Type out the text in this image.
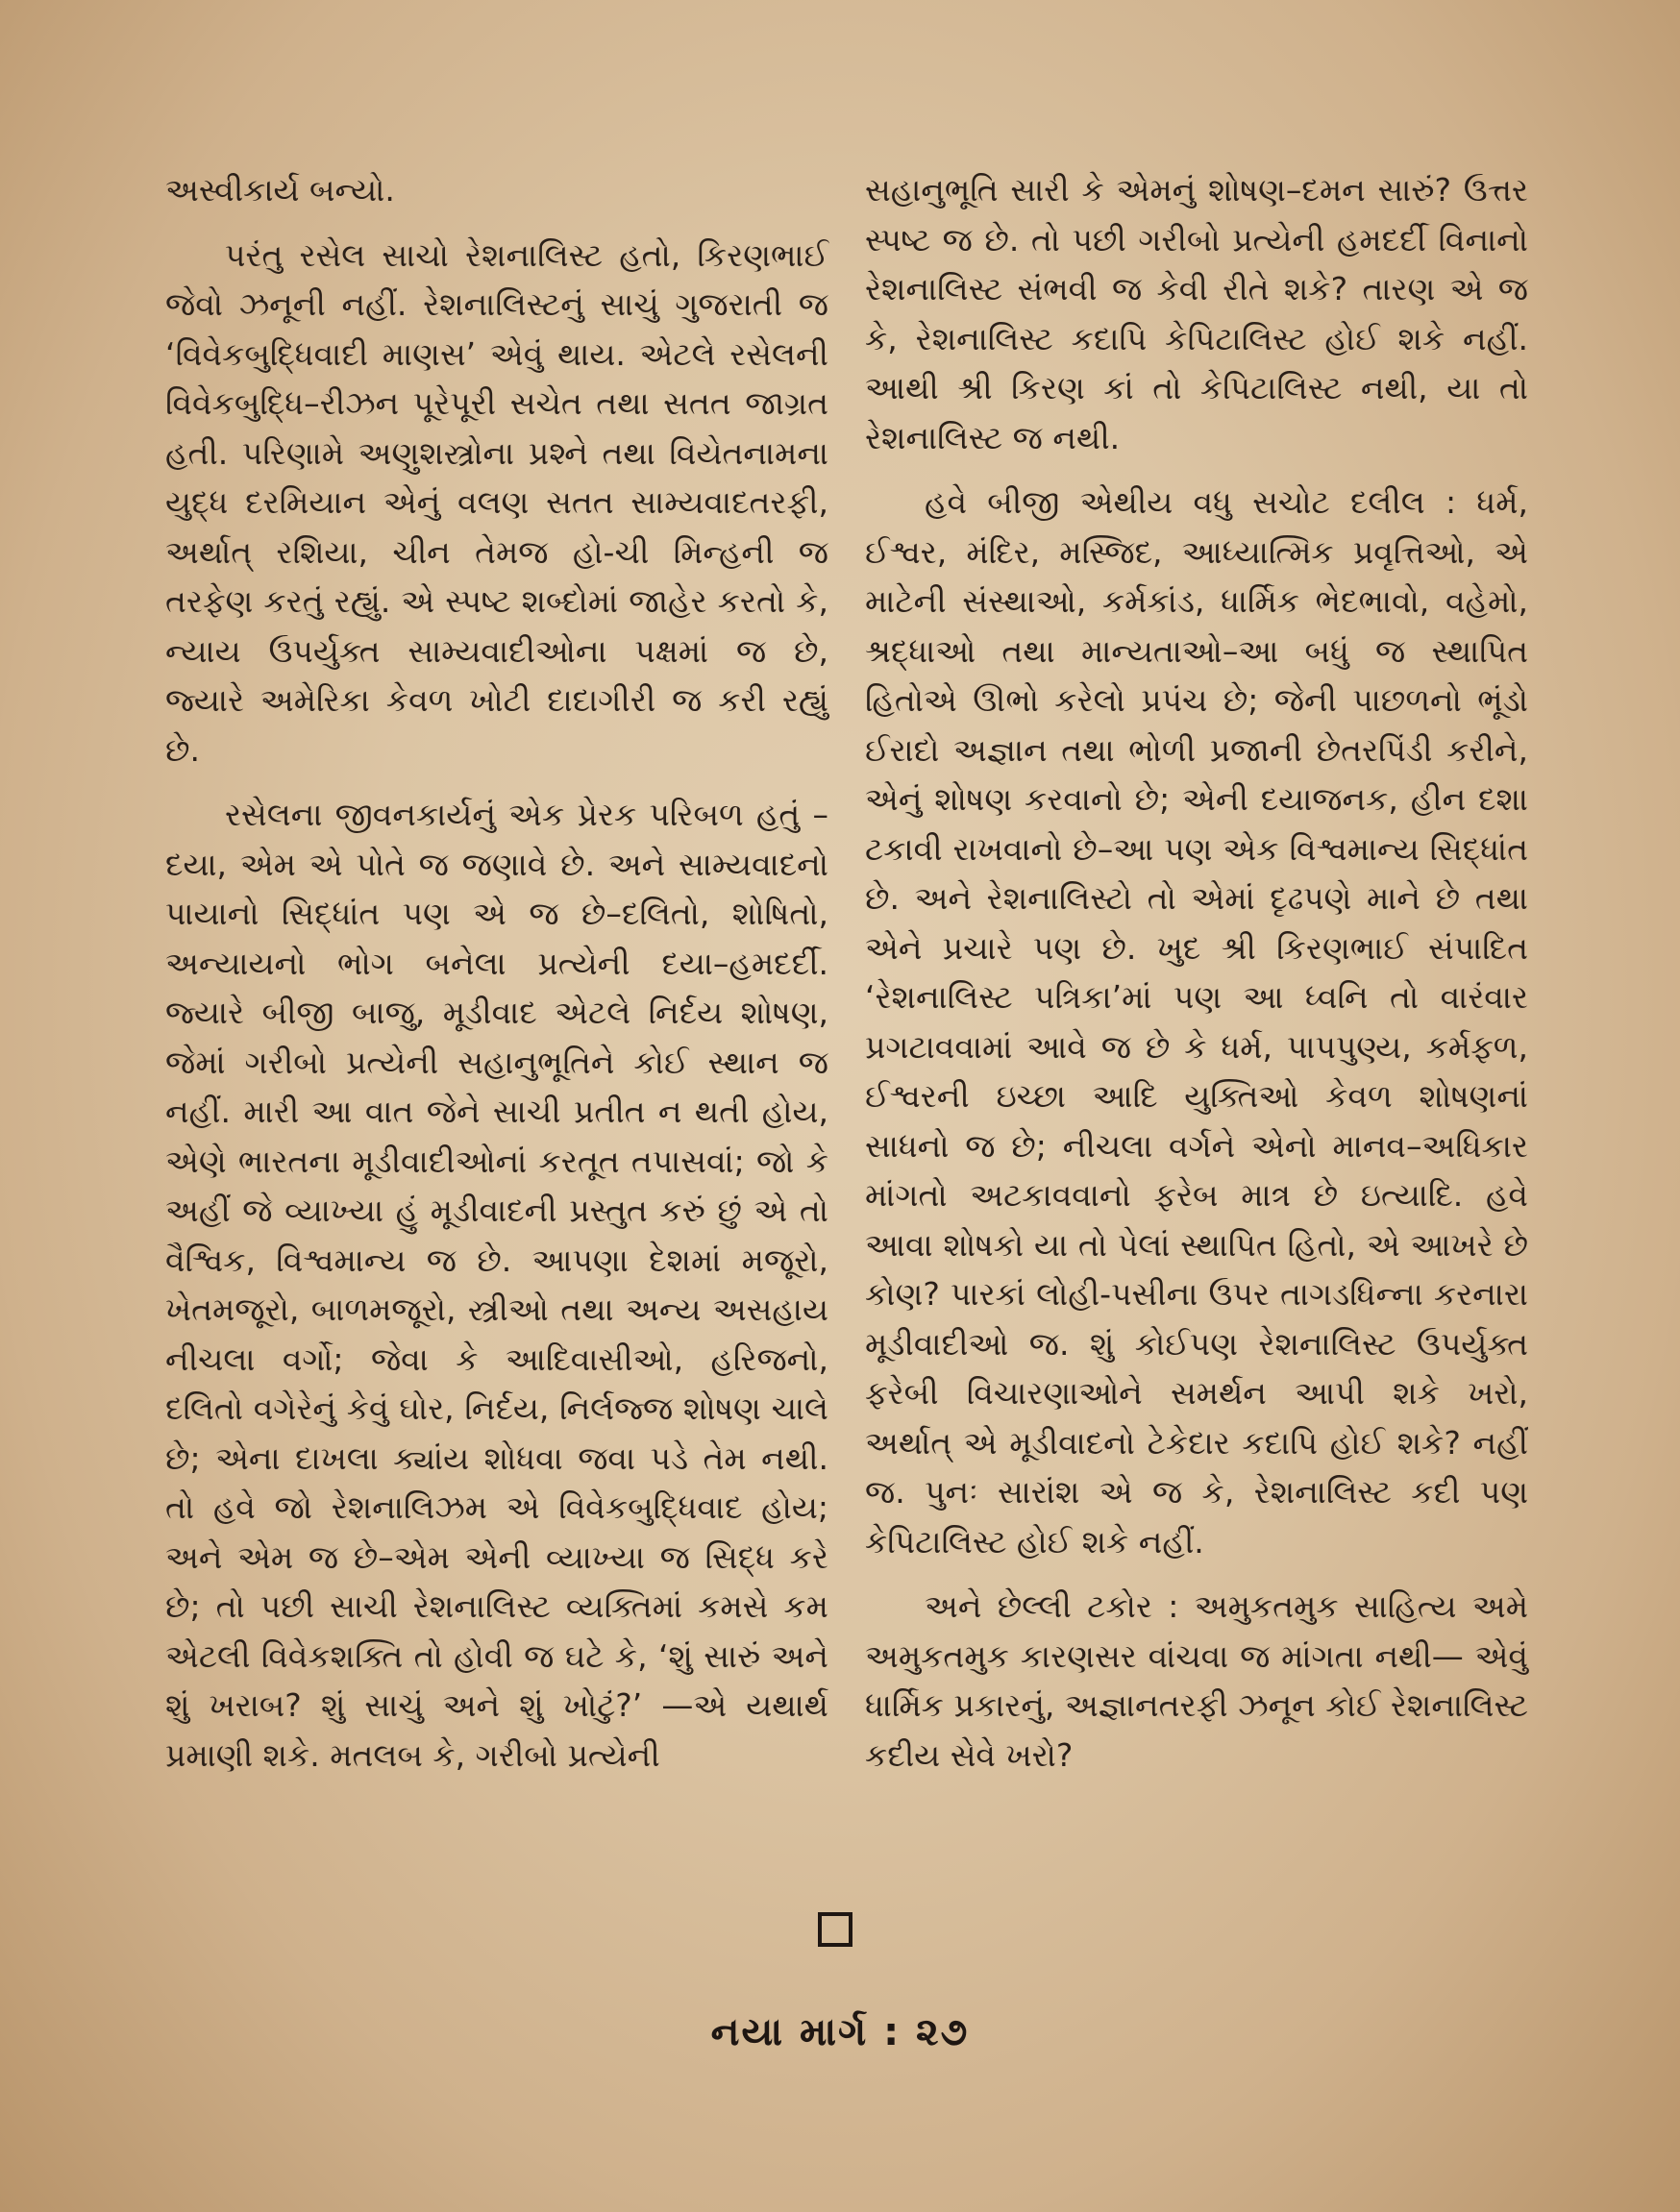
અસ્વીકાર્ય બન્યો.

પરંતુ રસેલ સાચો રેશનાલિસ્ટ હતો, કિરણભાઈ જેવો ઝનૂની નહીં. રેશનાલિસ્ટનું સાચું ગુજરાતી જ ‘વિવેકબુદ્ધિવાદી માણસ’ એવું થાય. એટલે રસેલની વિવેકબુદ્ધિ–રીઝન પૂરેપૂરી સચેત તથા સતત જાગ્રત હતી. પરિણામે અણુશસ્ત્રોના પ્રશ્ને તથા વિયેતનામના યુદ્ધ દરમિયાન એનું વલણ સતત સામ્યવાદતરફી, અર્થાત્ રશિયા, ચીન તેમજ હો-ચી મિન્હની જ તરફેણ કરતું રહ્યું. એ સ્પષ્ટ શબ્દોમાં જાહેર કરતો કે, ન્યાય ઉપર્યુક્ત સામ્યવાદીઓના પક્ષમાં જ છે, જ્યારે અમેરિકા કેવળ ખોટી દાદાગીરી જ કરી રહ્યું છે.

રસેલના જીવનકાર્યનું એક પ્રેરક પરિબળ હતું –દયા, એમ એ પોતે જ જણાવે છે. અને સામ્યવાદનો પાયાનો સિદ્ધાંત પણ એ જ છે–દલિતો, શોષિતો, અન્યાયનો ભોગ બનેલા પ્રત્યેની દયા–હમદર્દી. જ્યારે બીજી બાજુ, મૂડીવાદ એટલે નિર્દય શોષણ, જેમાં ગરીબો પ્રત્યેની સહાનુભૂતિને કોઈ સ્થાન જ નહીં. મારી આ વાત જેને સાચી પ્રતીત ન થતી હોય, એણે ભારતના મૂડીવાદીઓનાં કરતૂત તપાસવાં; જો કે અહીં જે વ્યાખ્યા હું મૂડીવાદની પ્રસ્તુત કરું છું એ તો વૈશ્વિક, વિશ્વમાન્ય જ છે. આપણા દેશમાં મજૂરો, ખેતમજૂરો, બાળમજૂરો, સ્ત્રીઓ તથા અન્ય અસહાય નીચલા વર્ગો; જેવા કે આદિવાસીઓ, હરિજનો, દલિતો વગેરેનું કેવું ઘોર, નિર્દય, નિર્લજ્જ શોષણ ચાલે છે; એના દાખલા ક્યાંય શોધવા જવા પડે તેમ નથી. તો હવે જો રેશનાલિઝમ એ વિવેકબુદ્ધિવાદ હોય; અને એમ જ છે–એમ એની વ્યાખ્યા જ સિદ્ધ કરે છે; તો પછી સાચી રેશનાલિસ્ટ વ્યક્તિમાં કમસે કમ એટલી વિવેકશક્તિ તો હોવી જ ઘટે કે, ‘શું સારું અને શું ખરાબ? શું સાચું અને શું ખોટું?’ —એ યથાર્થ પ્રમાણી શકે. મતલબ કે, ગરીબો પ્રત્યેની

સહાનુભૂતિ સારી કે એમનું શોષણ–દમન સારું? ઉત્તર સ્પષ્ટ જ છે. તો પછી ગરીબો પ્રત્યેની હમદર્દી વિનાનો રેશનાલિસ્ટ સંભવી જ કેવી રીતે શકે? તારણ એ જ કે, રેશનાલિસ્ટ કદાપિ કેપિટાલિસ્ટ હોઈ શકે નહીં. આથી શ્રી કિરણ કાં તો કેપિટાલિસ્ટ નથી, યા તો રેશનાલિસ્ટ જ નથી.

હવે બીજી એથીય વધુ સચોટ દલીલ : ધર્મ, ઈશ્વર, મંદિર, મસ્જિદ, આધ્યાત્મિક પ્રવૃત્તિઓ, એ માટેની સંસ્થાઓ, કર્મકાંડ, ધાર્મિક ભેદભાવો, વહેમો, શ્રદ્ધાઓ તથા માન્યતાઓ–આ બધું જ સ્થાપિત હિતોએ ઊભો કરેલો પ્રપંચ છે; જેની પાછળનો ભૂંડો ઈરાદો અજ્ઞાન તથા ભોળી પ્રજાની છેતરપિંડી કરીને, એનું શોષણ કરવાનો છે; એની દયાજનક, હીન દશા ટકાવી રાખવાનો છે–આ પણ એક વિશ્વમાન્ય સિદ્ધાંત છે. અને રેશનાલિસ્ટો તો એમાં દૃઢપણે માને છે તથા એને પ્રચારે પણ છે. ખુદ શ્રી કિરણભાઈ સંપાદિત ‘રેશનાલિસ્ટ પત્રિકા’માં પણ આ ધ્વનિ તો વારંવાર પ્રગટાવવામાં આવે જ છે કે ધર્મ, પાપપુણ્ય, કર્મફળ, ઈશ્વરની ઇચ્છા આદિ યુક્તિઓ કેવળ શોષણનાં સાધનો જ છે; નીચલા વર્ગને એનો માનવ–અધિકાર માંગતો અટકાવવાનો ફરેબ માત્ર છે ઇત્યાદિ. હવે આવા શોષકો યા તો પેલાં સ્થાપિત હિતો, એ આખરે છે કોણ? પારકાં લોહી-પસીના ઉપર તાગડધિન્ના કરનારા મૂડીવાદીઓ જ. શું કોઈપણ રેશનાલિસ્ટ ઉપર્યુક્ત ફરેબી વિચારણાઓને સમર્થન આપી શકે ખરો, અર્થાત્ એ મૂડીવાદનો ટેકેદાર કદાપિ હોઈ શકે? નહીં જ. પુનઃ સારાંશ એ જ કે, રેશનાલિસ્ટ કદી પણ કેપિટાલિસ્ટ હોઈ શકે નહીં.

અને છેલ્લી ટકોર : અમુકતમુક સાહિત્ય અમે અમુકતમુક કારણસર વાંચવા જ માંગતા નથી— એવું ધાર્મિક પ્રકારનું, અજ્ઞાનતરફી ઝનૂન કોઈ રેશનાલિસ્ટ કદીય સેવે ખરો?

નયા માર્ગ : ૨૭
